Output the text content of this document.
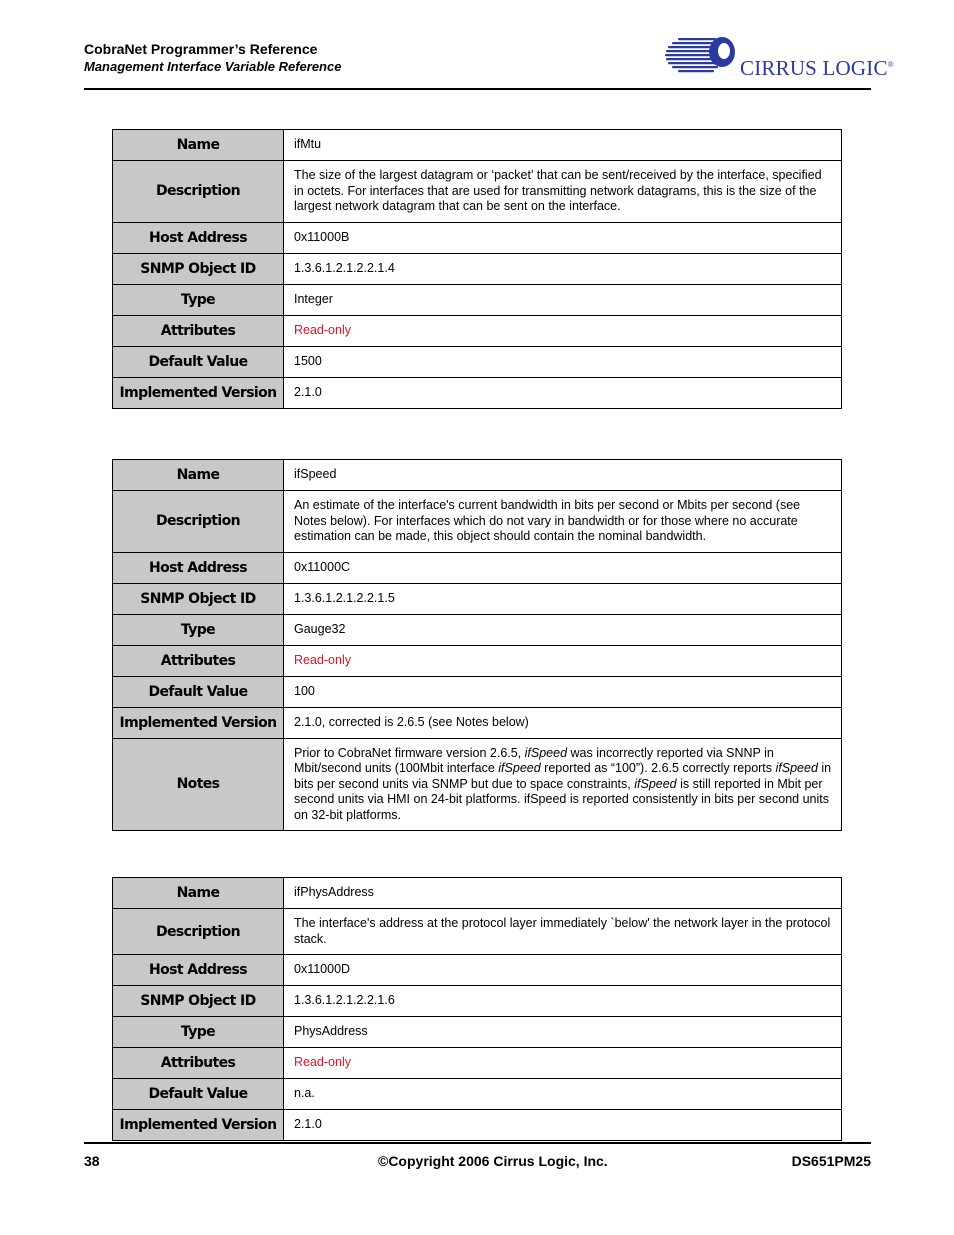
CobraNet Programmer’s Reference
Management Interface Variable Reference	CIRRUS LOGIC®
Name	ifMtu
Description	The size of the largest datagram or ‘packet’ that can be sent/received by the interface, specified in octets. For interfaces that are used for transmitting network datagrams, this is the size of the largest network datagram that can be sent on the interface.
Host Address	0x11000B
SNMP Object ID	1.3.6.1.2.1.2.2.1.4
Type	Integer
Attributes	Read-only
Default Value	1500
Implemented Version	2.1.0
Name	ifSpeed
Description	An estimate of the interface's current bandwidth in bits per second or Mbits per second (see Notes below). For interfaces which do not vary in bandwidth or for those where no accurate estimation can be made, this object should contain the nominal bandwidth.
Host Address	0x11000C
SNMP Object ID	1.3.6.1.2.1.2.2.1.5
Type	Gauge32
Attributes	Read-only
Default Value	100
Implemented Version	2.1.0, corrected is 2.6.5 (see Notes below)
Notes	Prior to CobraNet firmware version 2.6.5, ifSpeed was incorrectly reported via SNNP in Mbit/second units (100Mbit interface ifSpeed reported as “100”). 2.6.5 correctly reports ifSpeed in bits per second units via SNMP but due to space constraints, ifSpeed is still reported in Mbit per second units via HMI on 24-bit platforms. ifSpeed is reported consistently in bits per second units on 32-bit platforms.
Name	ifPhysAddress
Description	The interface's address at the protocol layer immediately `below' the network layer in the protocol stack.
Host Address	0x11000D
SNMP Object ID	1.3.6.1.2.1.2.2.1.6
Type	PhysAddress
Attributes	Read-only
Default Value	n.a.
Implemented Version	2.1.0
38	©Copyright 2006 Cirrus Logic, Inc.	DS651PM25
